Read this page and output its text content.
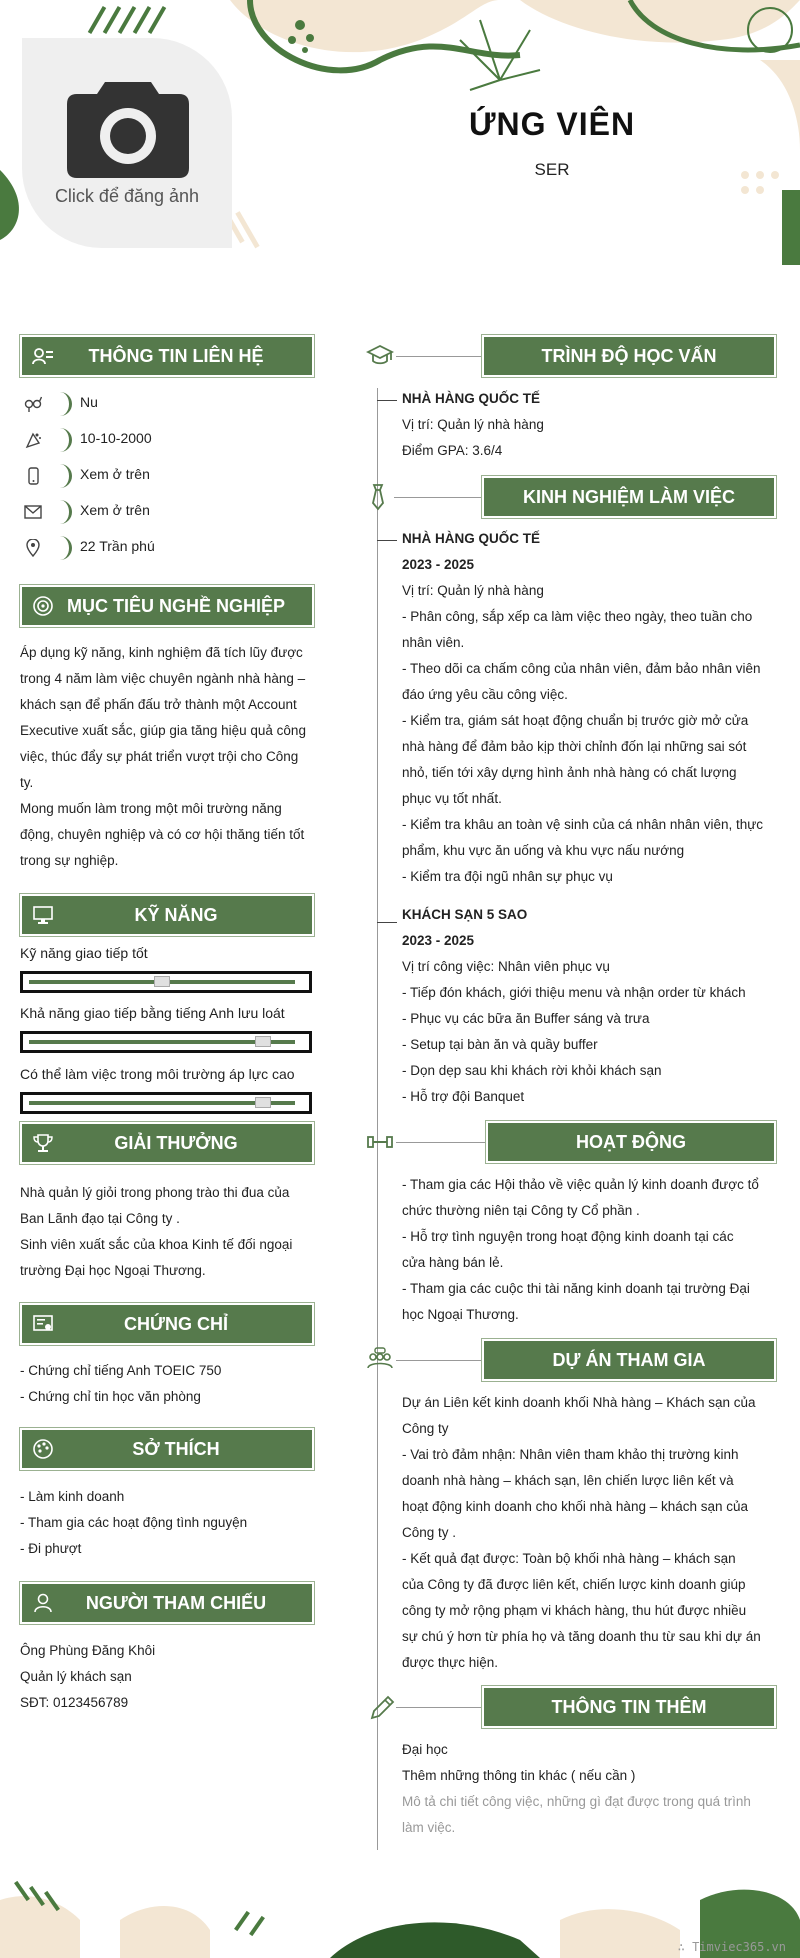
Click để đăng ảnh
ỨNG VIÊN
SER
THÔNG TIN LIÊN HỆ
Nu
10-10-2000
Xem ở trên
Xem ở trên
22 Trần phú
MỤC TIÊU NGHỀ NGHIỆP
Áp dụng kỹ năng, kinh nghiệm đã tích lũy được
trong 4 năm làm việc chuyên ngành nhà hàng –
khách sạn để phấn đấu trở thành một Account
Executive xuất sắc, giúp gia tăng hiệu quả công
việc, thúc đẩy sự phát triển vượt trội cho Công
ty.
Mong muốn làm trong một môi trường năng
động, chuyên nghiệp và có cơ hội thăng tiến tốt
trong sự nghiệp.
KỸ NĂNG
Kỹ năng giao tiếp tốt
Khả năng giao tiếp bằng tiếng Anh lưu loát
Có thể làm việc trong môi trường áp lực cao
GIẢI THƯỞNG
Nhà quản lý giỏi trong phong trào thi đua của
Ban Lãnh đạo tại Công ty .
Sinh viên xuất sắc của khoa Kinh tế đối ngoại
trường Đại học Ngoại Thương.
CHỨNG CHỈ
- Chứng chỉ tiếng Anh TOEIC 750
- Chứng chỉ tin học văn phòng
SỞ THÍCH
- Làm kinh doanh
- Tham gia các hoạt động tình nguyện
- Đi phượt
NGƯỜI THAM CHIẾU
Ông Phùng Đăng Khôi
Quản lý khách sạn
SĐT: 0123456789
TRÌNH ĐỘ HỌC VẤN
NHÀ HÀNG QUỐC TẾ
Vị trí: Quản lý nhà hàng
Điểm GPA: 3.6/4
KINH NGHIỆM LÀM VIỆC
NHÀ HÀNG QUỐC TẾ
2023 - 2025
Vị trí: Quản lý nhà hàng
- Phân công, sắp xếp ca làm việc theo ngày, theo tuần cho
nhân viên.
- Theo dõi ca chấm công của nhân viên, đảm bảo nhân viên
đáo ứng yêu cầu công việc.
- Kiểm tra, giám sát hoạt động chuẩn bị trước giờ mở cửa
nhà hàng để đảm bảo kịp thời chỉnh đốn lại những sai sót
nhỏ, tiến tới xây dựng hình ảnh nhà hàng có chất lượng
phục vụ tốt nhất.
- Kiểm tra khâu an toàn vệ sinh của cá nhân nhân viên, thực
phẩm, khu vực ăn uống và khu vực nấu nướng
- Kiểm tra đội ngũ nhân sự phục vụ
KHÁCH SẠN 5 SAO
2023 - 2025
Vị trí công việc: Nhân viên phục vụ
- Tiếp đón khách, giới thiệu menu và nhận order từ khách
- Phục vụ các bữa ăn Buffer sáng và trưa
- Setup tại bàn ăn và quầy buffer
- Dọn dẹp sau khi khách rời khỏi khách sạn
- Hỗ trợ đội Banquet
HOẠT ĐỘNG
- Tham gia các Hội thảo về việc quản lý kinh doanh được tổ
chức thường niên tại Công ty Cổ phần .
- Hỗ trợ tình nguyện trong hoạt động kinh doanh tại các
cửa hàng bán lẻ.
- Tham gia các cuộc thi tài năng kinh doanh tại trường Đại
học Ngoại Thương.
DỰ ÁN THAM GIA
Dự án Liên kết kinh doanh khối Nhà hàng – Khách sạn của
Công ty
- Vai trò đảm nhận: Nhân viên tham khảo thị trường kinh
doanh nhà hàng – khách sạn, lên chiến lược liên kết và
hoạt động kinh doanh cho khối nhà hàng – khách sạn của
Công ty .
- Kết quả đạt được: Toàn bộ khối nhà hàng – khách sạn
của Công ty đã được liên kết, chiến lược kinh doanh giúp
công ty mở rộng phạm vi khách hàng, thu hút được nhiều
sự chú ý hơn từ phía họ và tăng doanh thu từ sau khi dự án
được thực hiện.
THÔNG TIN THÊM
Đại học
Thêm những thông tin khác ( nếu cần )
Mô tả chi tiết công việc, những gì đạt được trong quá trình
làm việc.
∴ Timviec365.vn
